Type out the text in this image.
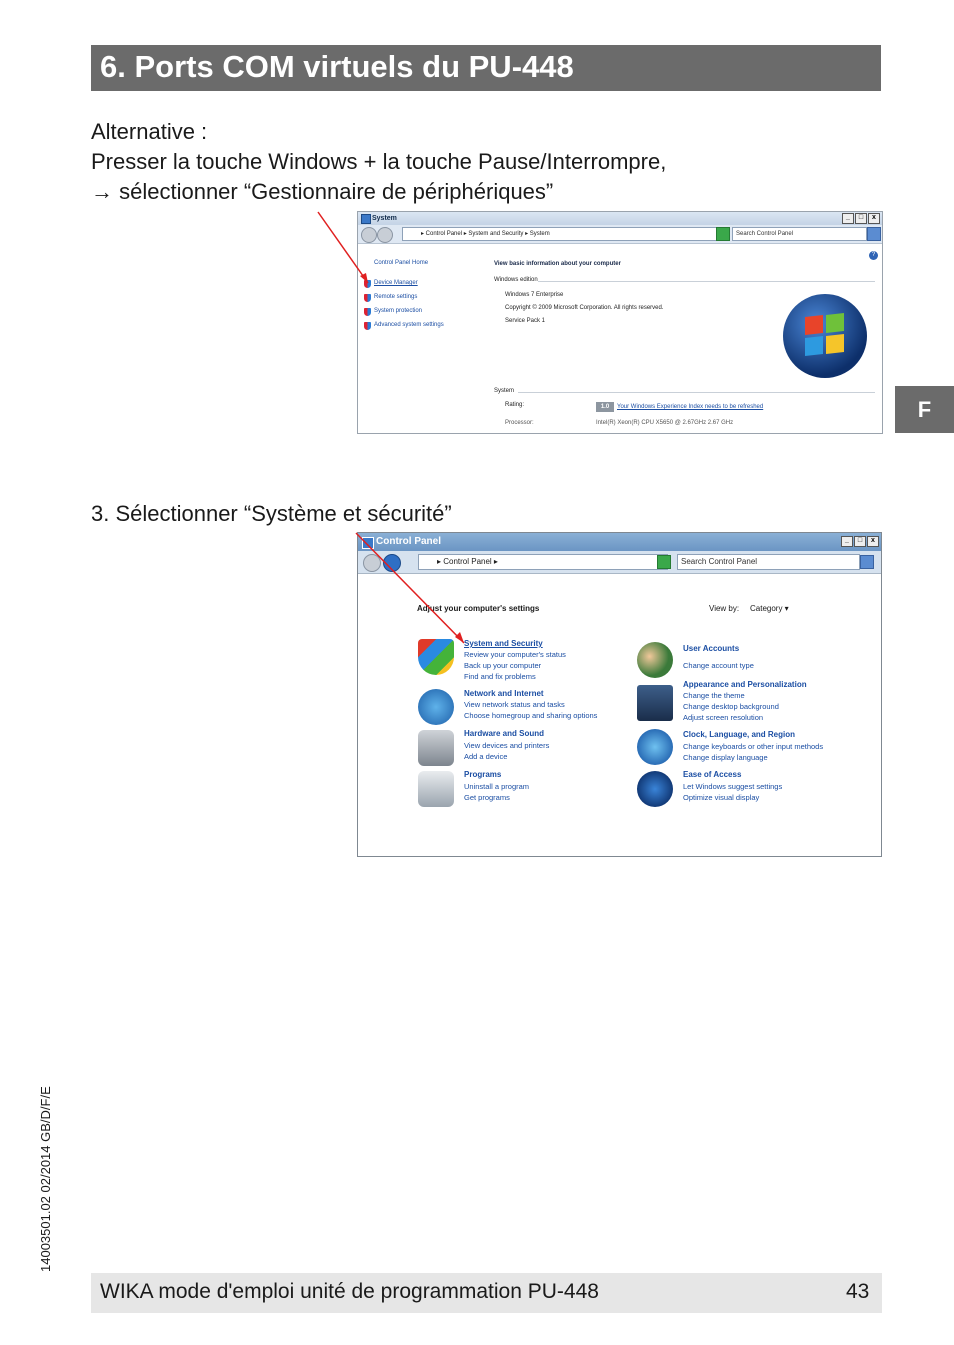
6. Ports COM virtuels du PU-448
Alternative :
Presser la touche Windows + la touche Pause/Interrompre,
→ sélectionner “Gestionnaire de périphériques”
F
System	_	□	x
▸ Control Panel ▸ System and Security ▸ System	Search Control Panel
Control Panel Home
Device Manager
Remote settings
System protection
Advanced system settings
?
View basic information about your computer
Windows edition
Windows 7 Enterprise
Copyright © 2009 Microsoft Corporation. All rights reserved.
Service Pack 1
System
Rating:	1.0	Your Windows Experience Index needs to be refreshed
Processor:	Intel(R) Xeon(R) CPU X5650 @ 2.67GHz 2.67 GHz
3. Sélectionner “Système et sécurité”
Control Panel	_	□	x
▸ Control Panel ▸	Search Control Panel
Adjust your computer's settings	View by: Category ▾
System and Security
Review your computer's status
Back up your computer
Find and fix problems
Network and Internet
View network status and tasks
Choose homegroup and sharing options
Hardware and Sound
View devices and printers
Add a device
Programs
Uninstall a program
Get programs
User Accounts
Change account type
Appearance and Personalization
Change the theme
Change desktop background
Adjust screen resolution
Clock, Language, and Region
Change keyboards or other input methods
Change display language
Ease of Access
Let Windows suggest settings
Optimize visual display
14003501.02 02/2014 GB/D/F/E
WIKA mode d'emploi unité de programmation PU-448	43
